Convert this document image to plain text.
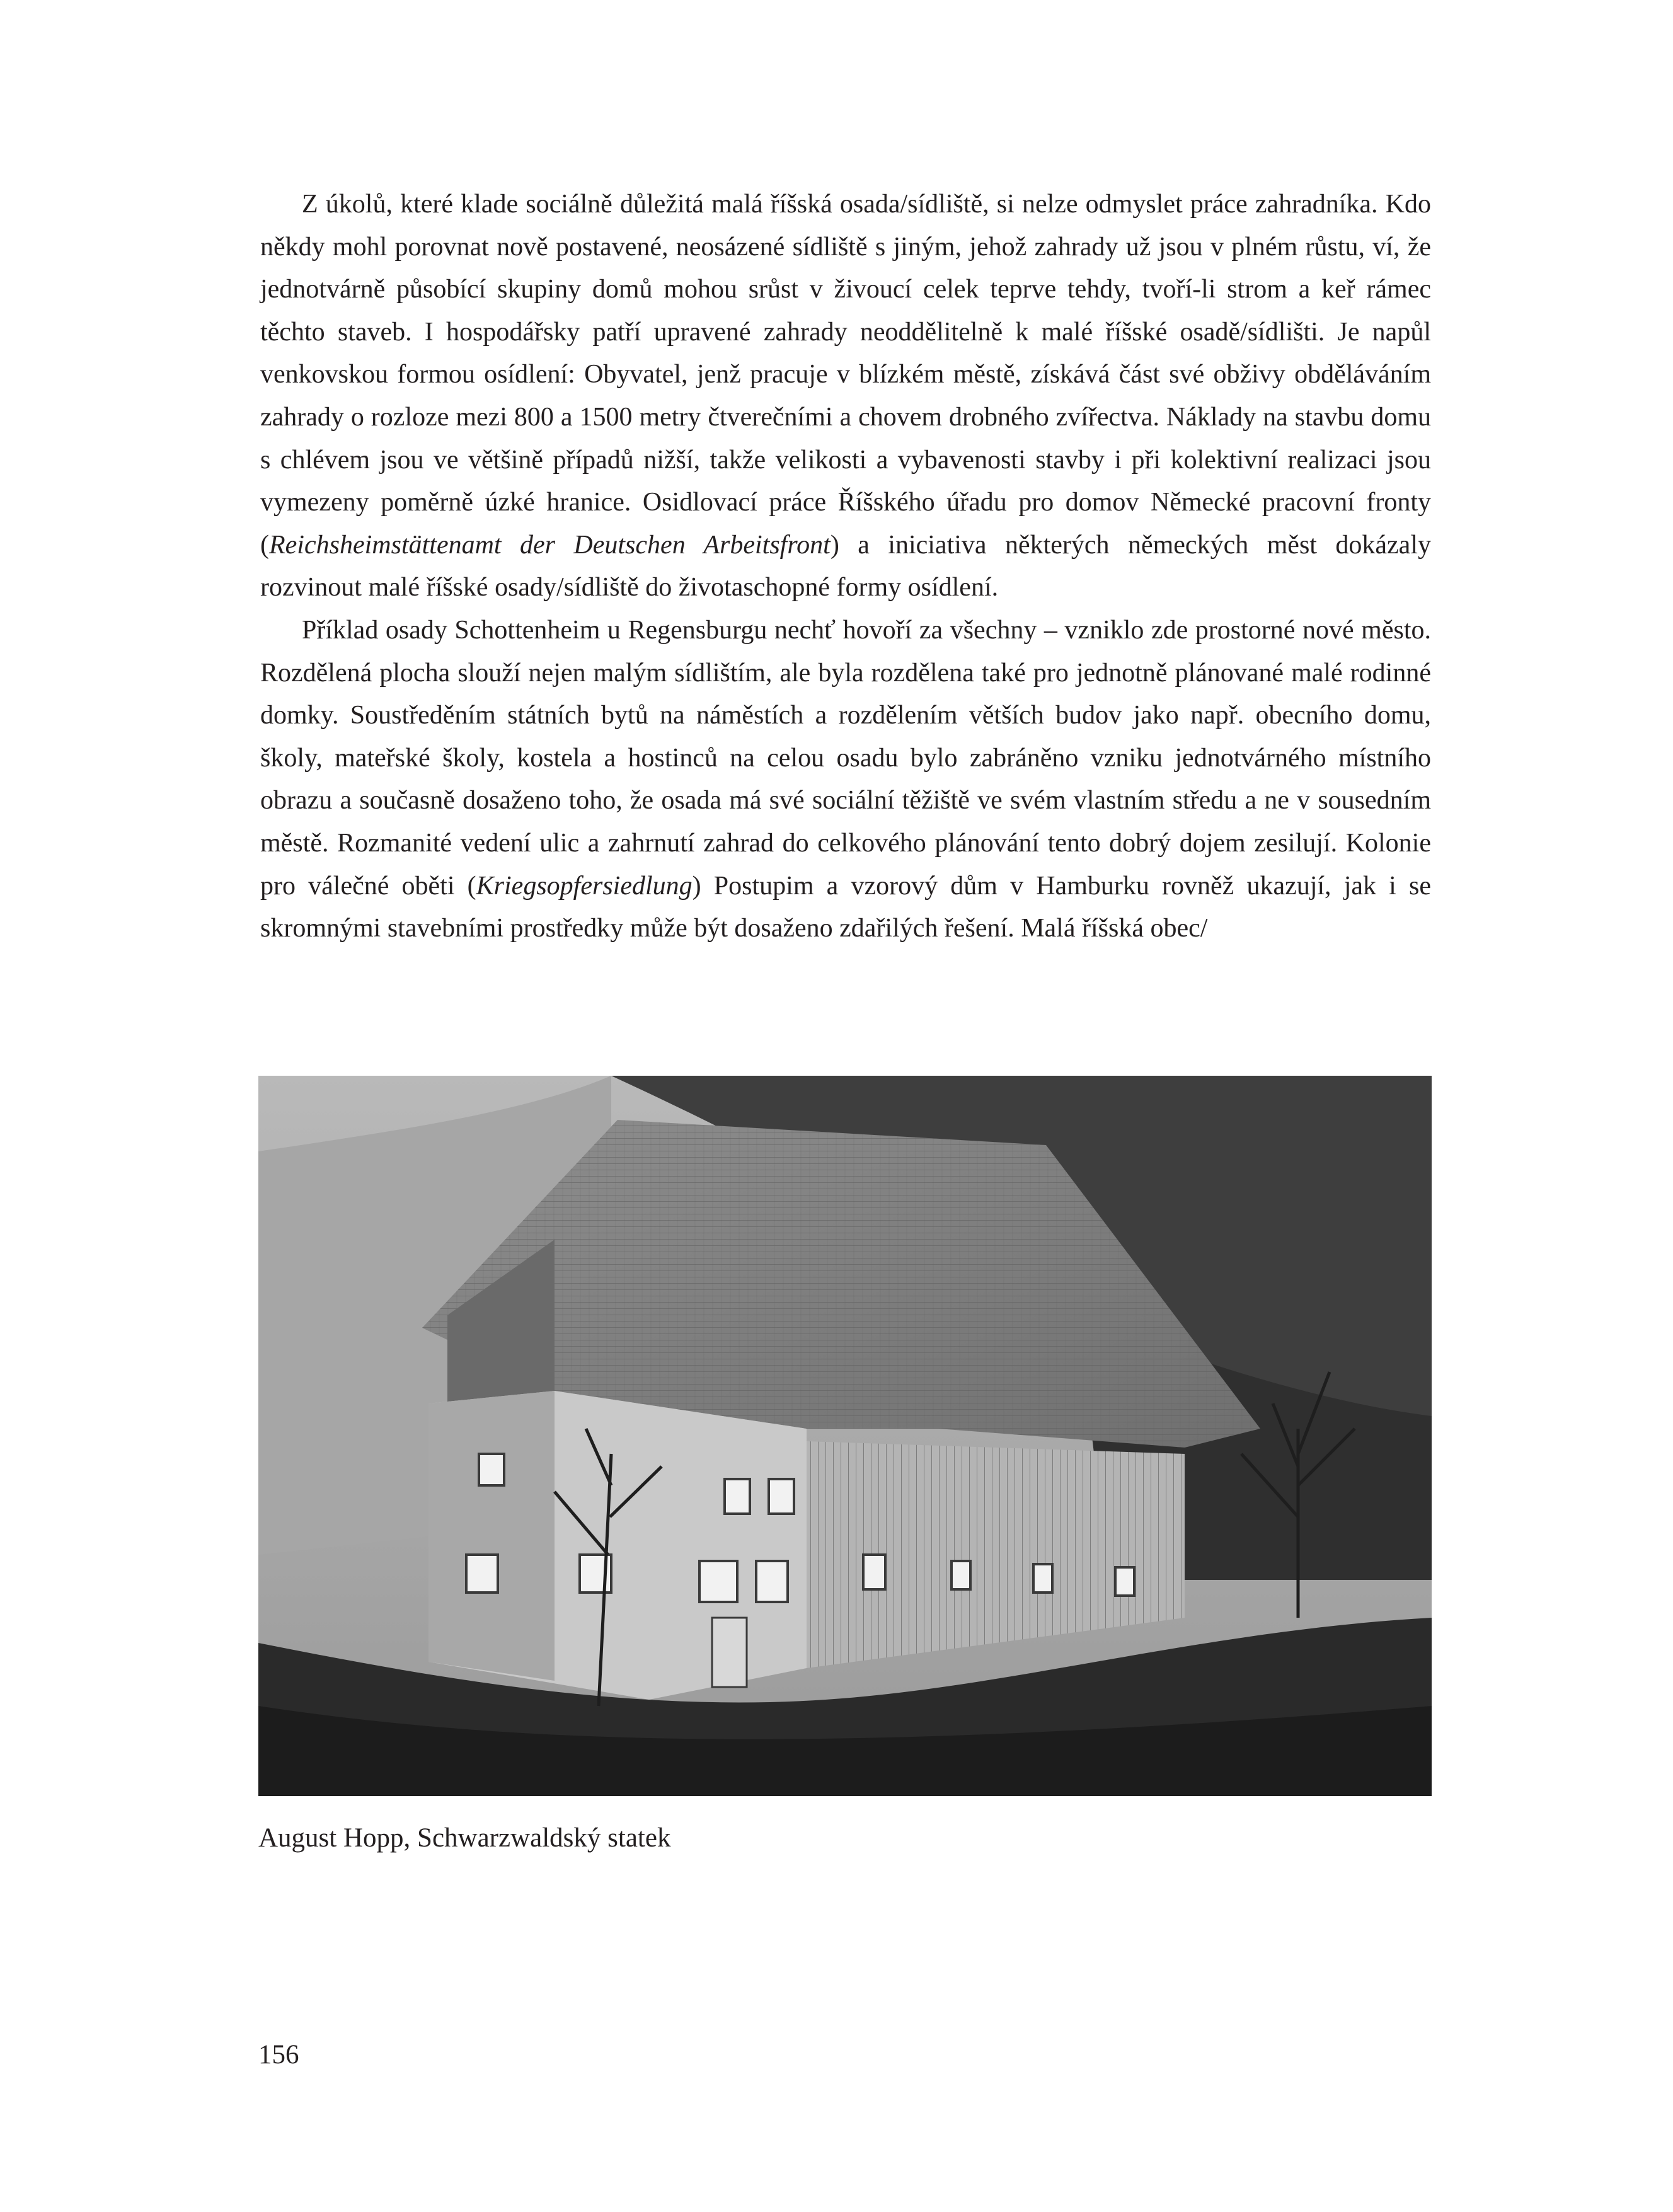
Z úkolů, které klade sociálně důležitá malá říšská osada/sídliště, si nelze odmyslet práce zahradníka. Kdo někdy mohl porovnat nově postavené, neosázené sídliště s jiným, jehož zahrady už jsou v plném růstu, ví, že jednotvárně působící skupiny domů mohou srůst v živoucí celek teprve tehdy, tvoří-li strom a keř rámec těchto staveb. I hospodářsky patří upravené zahrady neoddělitelně k malé říšské osadě/sídlišti. Je napůl venkovskou formou osídlení: Obyvatel, jenž pracuje v blízkém městě, získává část své obživy obděláváním zahrady o rozloze mezi 800 a 1500 metry čtverečními a chovem drobného zvířectva. Náklady na stavbu domu s chlévem jsou ve většině případů nižší, takže velikosti a vybavenosti stavby i při kolektivní realizaci jsou vymezeny poměrně úzké hranice. Osidlovací práce Říšského úřadu pro domov Německé pracovní fronty (Reichsheimstättenamt der Deutschen Arbeitsfront) a iniciativa některých německých měst dokázaly rozvinout malé říšské osady/sídliště do životaschopné formy osídlení.

Příklad osady Schottenheim u Regensburgu nechť hovoří za všechny – vzniklo zde prostorné nové město. Rozdělená plocha slouží nejen malým sídlištím, ale byla rozdělena také pro jednotně plánované malé rodinné domky. Soustředěním státních bytů na náměstích a rozdělením větších budov jako např. obecního domu, školy, mateřské školy, kostela a hostinců na celou osadu bylo zabráněno vzniku jednotvárného místního obrazu a současně dosaženo toho, že osada má své sociální těžiště ve svém vlastním středu a ne v sousedním městě. Rozmanité vedení ulic a zahrnutí zahrad do celkového plánování tento dobrý dojem zesilují. Kolonie pro válečné oběti (Kriegsopfersiedlung) Postupim a vzorový dům v Hamburku rovněž ukazují, jak i se skromnými stavebními prostředky může být dosaženo zdařilých řešení. Malá říšská obec/

August Hopp, Schwarzwaldský statek
156
